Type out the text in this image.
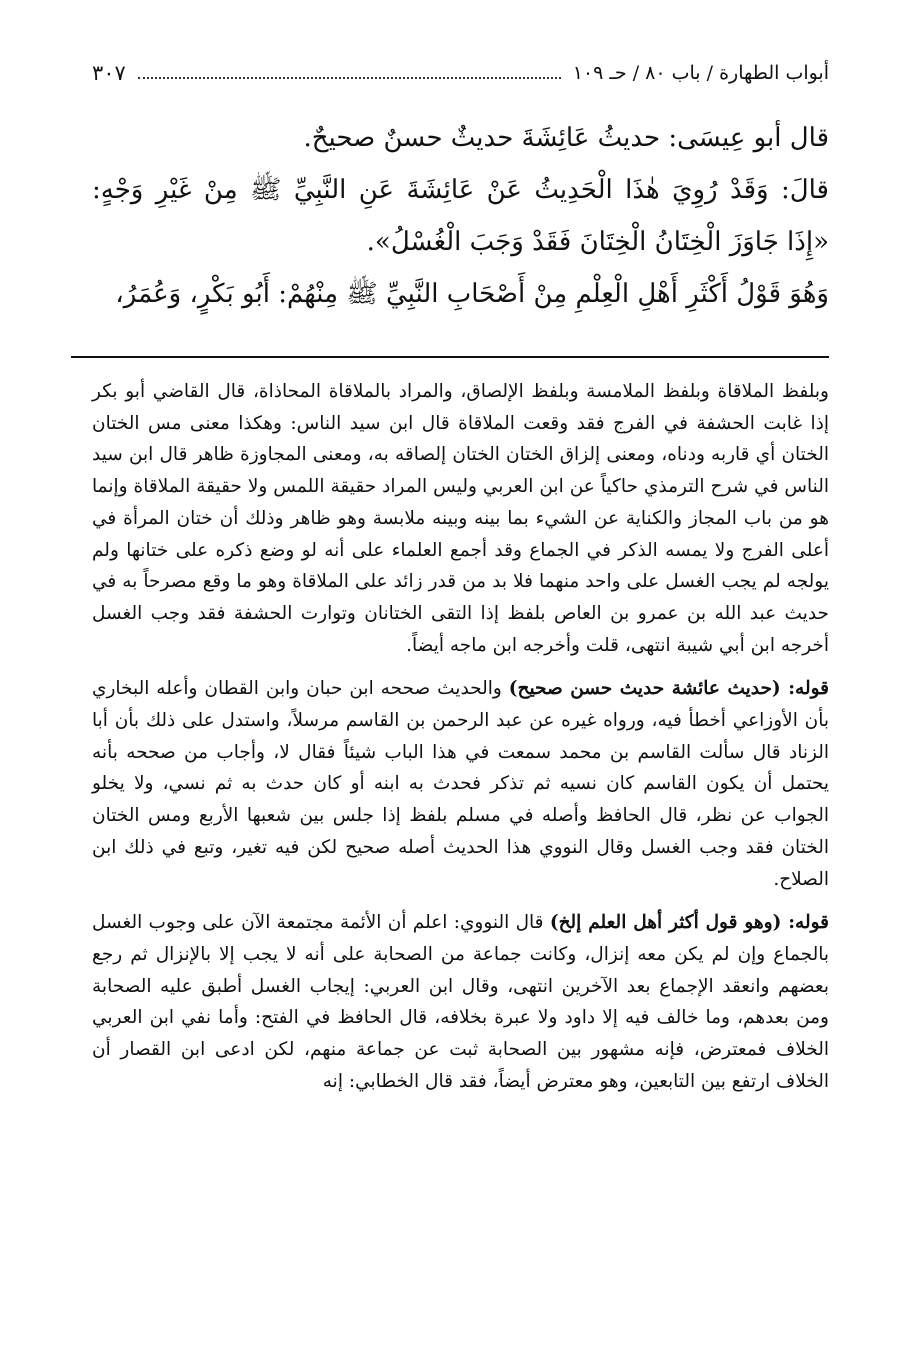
أبواب الطهارة / باب ٨٠ / حـ ١٠٩
٣٠٧

قال أبو عِيسَى: حديثُ عَائِشَةَ حديثٌ حسنٌ صحيحٌ.

قالَ: وَقَدْ رُوِيَ هٰذَا الْحَدِيثُ عَنْ عَائِشَةَ عَنِ النَّبِيِّ ﷺ مِنْ غَيْرِ وَجْهٍ: «إِذَا جَاوَزَ الْخِتَانُ الْخِتَانَ فَقَدْ وَجَبَ الْغُسْلُ».

وَهُوَ قَوْلُ أَكْثَرِ أَهْلِ الْعِلْمِ مِنْ أَصْحَابِ النَّبِيِّ ﷺ مِنْهُمْ: أَبُو بَكْرٍ، وَعُمَرُ،

وبلفظ الملاقاة وبلفظ الملامسة وبلفظ الإلصاق، والمراد بالملاقاة المحاذاة، قال القاضي أبو بكر إذا غابت الحشفة في الفرج فقد وقعت الملاقاة قال ابن سيد الناس: وهكذا معنى مس الختان الختان أي قاربه ودناه، ومعنى إلزاق الختان الختان إلصاقه به، ومعنى المجاوزة ظاهر قال ابن سيد الناس في شرح الترمذي حاكياً عن ابن العربي وليس المراد حقيقة اللمس ولا حقيقة الملاقاة وإنما هو من باب المجاز والكناية عن الشيء بما بينه وبينه ملابسة وهو ظاهر وذلك أن ختان المرأة في أعلى الفرج ولا يمسه الذكر في الجماع وقد أجمع العلماء على أنه لو وضع ذكره على ختانها ولم يولجه لم يجب الغسل على واحد منهما فلا بد من قدر زائد على الملاقاة وهو ما وقع مصرحاً به في حديث عبد الله بن عمرو بن العاص بلفظ إذا التقى الختانان وتوارت الحشفة فقد وجب الغسل أخرجه ابن أبي شيبة انتهى، قلت وأخرجه ابن ماجه أيضاً.

قوله: (حديث عائشة حديث حسن صحيح) والحديث صححه ابن حبان وابن القطان وأعله البخاري بأن الأوزاعي أخطأ فيه، ورواه غيره عن عبد الرحمن بن القاسم مرسلاً، واستدل على ذلك بأن أبا الزناد قال سألت القاسم بن محمد سمعت في هذا الباب شيئاً فقال لا، وأجاب من صححه بأنه يحتمل أن يكون القاسم كان نسيه ثم تذكر فحدث به ابنه أو كان حدث به ثم نسي، ولا يخلو الجواب عن نظر، قال الحافظ وأصله في مسلم بلفظ إذا جلس بين شعبها الأربع ومس الختان الختان فقد وجب الغسل وقال النووي هذا الحديث أصله صحيح لكن فيه تغير، وتبع في ذلك ابن الصلاح.

قوله: (وهو قول أكثر أهل العلم إلخ) قال النووي: اعلم أن الأئمة مجتمعة الآن على وجوب الغسل بالجماع وإن لم يكن معه إنزال، وكانت جماعة من الصحابة على أنه لا يجب إلا بالإنزال ثم رجع بعضهم وانعقد الإجماع بعد الآخرين انتهى، وقال ابن العربي: إيجاب الغسل أطبق عليه الصحابة ومن بعدهم، وما خالف فيه إلا داود ولا عبرة بخلافه، قال الحافظ في الفتح: وأما نفي ابن العربي الخلاف فمعترض، فإنه مشهور بين الصحابة ثبت عن جماعة منهم، لكن ادعى ابن القصار أن الخلاف ارتفع بين التابعين، وهو معترض أيضاً، فقد قال الخطابي: إنه
